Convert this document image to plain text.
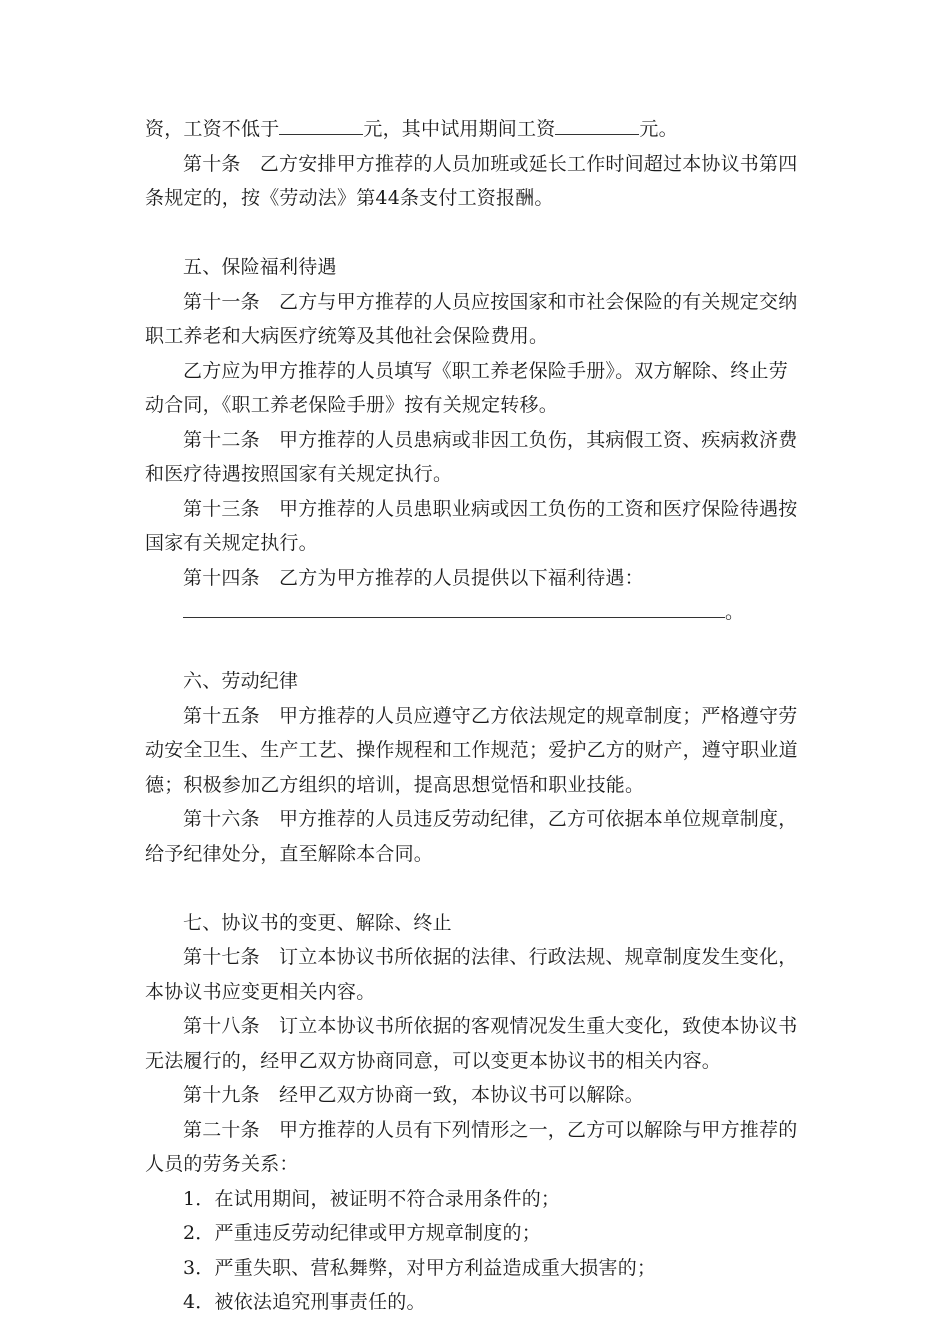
资，工资不低于	元，其中试用期间工资	元。
第十条　乙方安排甲方推荐的人员加班或延长工作时间超过本协议书第四
条规定的，按《劳动法》第44条支付工资报酬。
五、保险福利待遇
第十一条　乙方与甲方推荐的人员应按国家和市社会保险的有关规定交纳
职工养老和大病医疗统筹及其他社会保险费用。
乙方应为甲方推荐的人员填写《职工养老保险手册》。双方解除、终止劳
动合同，《职工养老保险手册》按有关规定转移。
第十二条　甲方推荐的人员患病或非因工负伤，其病假工资、疾病救济费
和医疗待遇按照国家有关规定执行。
第十三条　甲方推荐的人员患职业病或因工负伤的工资和医疗保险待遇按
国家有关规定执行。
第十四条　乙方为甲方推荐的人员提供以下福利待遇：
。
六、劳动纪律
第十五条　甲方推荐的人员应遵守乙方依法规定的规章制度；严格遵守劳
动安全卫生、生产工艺、操作规程和工作规范；爱护乙方的财产，遵守职业道
德；积极参加乙方组织的培训，提高思想觉悟和职业技能。
第十六条　甲方推荐的人员违反劳动纪律，乙方可依据本单位规章制度，
给予纪律处分，直至解除本合同。
七、协议书的变更、解除、终止
第十七条　订立本协议书所依据的法律、行政法规、规章制度发生变化，
本协议书应变更相关内容。
第十八条　订立本协议书所依据的客观情况发生重大变化，致使本协议书
无法履行的，经甲乙双方协商同意，可以变更本协议书的相关内容。
第十九条　经甲乙双方协商一致，本协议书可以解除。
第二十条　甲方推荐的人员有下列情形之一，乙方可以解除与甲方推荐的
人员的劳务关系：
1．在试用期间，被证明不符合录用条件的；
2．严重违反劳动纪律或甲方规章制度的；
3．严重失职、营私舞弊，对甲方利益造成重大损害的；
4．被依法追究刑事责任的。
